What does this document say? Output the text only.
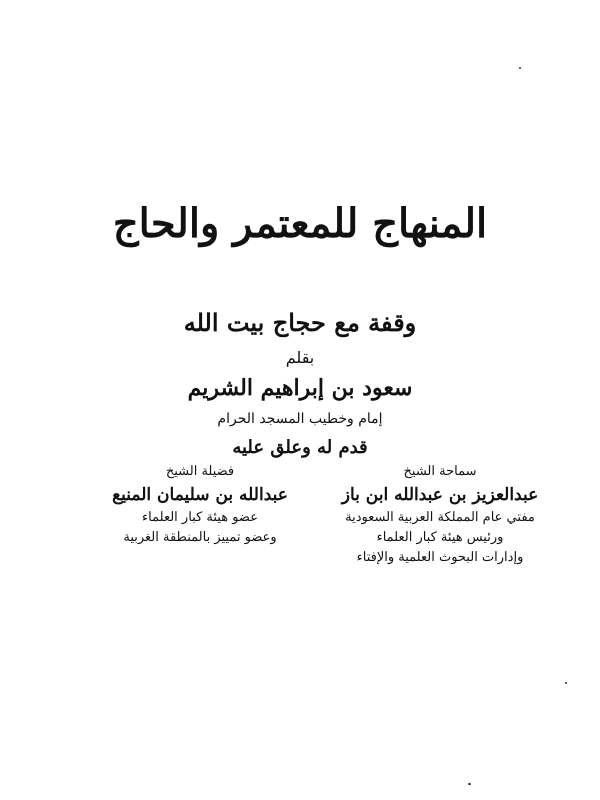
المنهاج للمعتمر والحاج
وقفة مع حجاج بيت الله
بقلم
سعود بن إبراهيم الشريم
إمام وخطيب المسجد الحرام
قدم له وعلق عليه
سماحة الشيخ
عبدالعزيز بن عبدالله ابن باز
مفتي عام المملكة العربية السعودية
ورئيس هيئة كبار العلماء
وإدارات البحوث العلمية والإفتاء
فضيلة الشيخ
عبدالله بن سليمان المنيع
عضو هيئة كبار العلماء
وعضو تمييز بالمنطقة الغربية
